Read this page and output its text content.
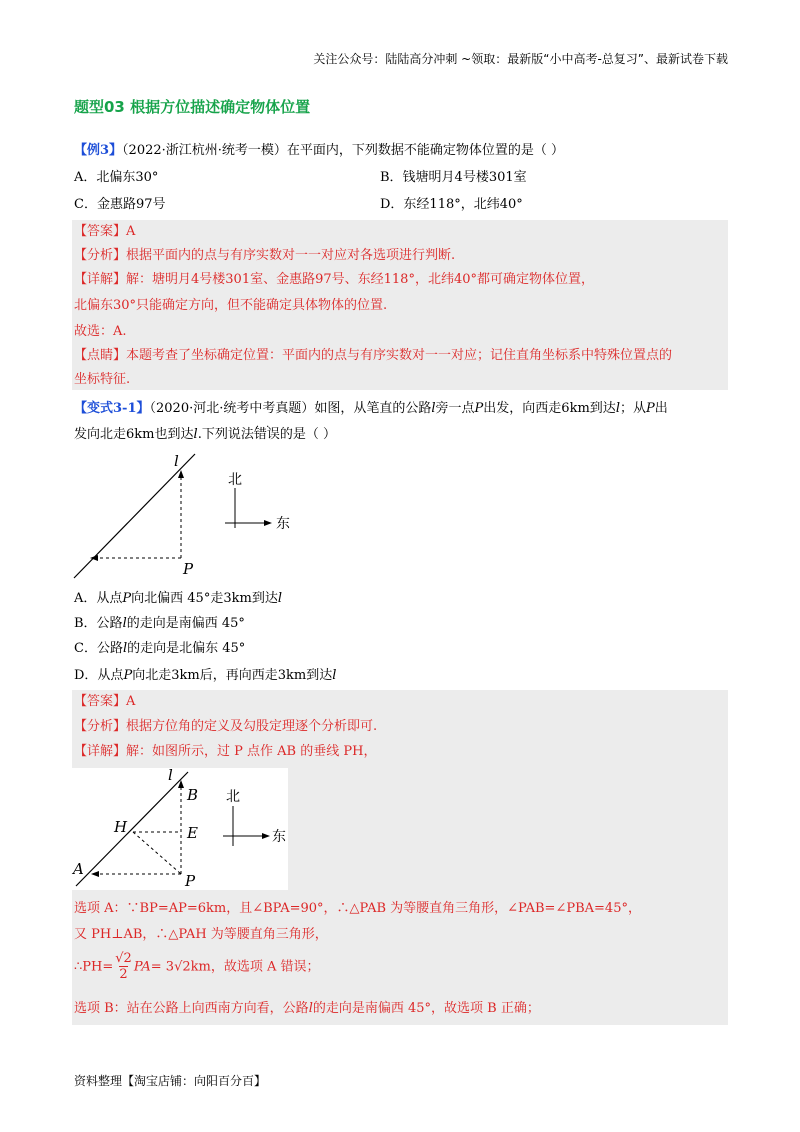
关注公众号：陆陆高分冲刺 ~领取：最新版“小中高考-总复习”、最新试卷下载
题型03 根据方位描述确定物体位置
【例3】（2022·浙江杭州·统考一模）在平面内，下列数据不能确定物体位置的是（ ）
A．北偏东30°	B．钱塘明月4号楼301室
C．金惠路97号	D．东经118°，北纬40°
【答案】A
【分析】根据平面内的点与有序实数对一一对应对各选项进行判断.
【详解】解：塘明月4号楼301室、金惠路97号、东经118°，北纬40°都可确定物体位置，
北偏东30°只能确定方向，但不能确定具体物体的位置.
故选：A.
【点睛】本题考查了坐标确定位置：平面内的点与有序实数对一一对应；记住直角坐标系中特殊位置点的
坐标特征.
【变式3-1】（2020·河北·统考中考真题）如图，从笔直的公路l旁一点P出发，向西走6km到达l；从P出
发向北走6km也到达l.下列说法· · 错误的是（ ）
l
P
北
东
A．从点P向北偏西 45°走3km到达l
B．公路l的走向是南偏西 45°
C．公路l的走向是北偏东 45°
D．从点P向北走3km后，再向西走3km到达l
【答案】A
【分析】根据方位角的定义及勾股定理逐个分析即可.
【详解】解：如图所示，过 P 点作 AB 的垂线 PH，
l
B
H	E
A
P
北
东
选项 A：∵BP=AP=6km，且∠BPA=90°，∴△PAB 为等腰直角三角形，∠PAB=∠PBA=45°，
又 PH⊥AB，∴△PAH 为等腰直角三角形，
∴PH= $\frac{√2}{2} PA= 3√2km$，故选项 A 错误；
选项 B：站在公路上向西南方向看，公路l的走向是南偏西 45°，故选项 B 正确；
资料整理【淘宝店铺：向阳百分百】
